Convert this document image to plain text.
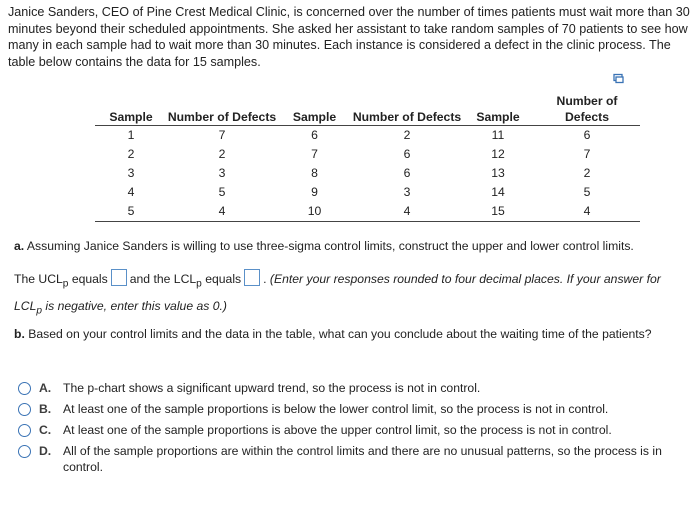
Janice Sanders, CEO of Pine Crest Medical Clinic, is concerned over the number of times patients must wait more than 30 minutes beyond their scheduled appointments. She asked her assistant to take random samples of 70 patients to see how many in each sample had to wait more than 30 minutes. Each instance is considered a defect in the clinic process. The table below contains the data for 15 samples.

Sample	Number of Defects	Sample	Number of Defects	Sample	Number of Defects
1	7	6	2	11	6
2	2	7	6	12	7
3	3	8	6	13	2
4	5	9	3	14	5
5	4	10	4	15	4

a. Assuming Janice Sanders is willing to use three-sigma control limits, construct the upper and lower control limits.

The $UCL_p$ equals and the $LCL_p$ equals . (Enter your responses rounded to four decimal places. If your answer for $LCL_p$ is negative, enter this value as 0.)

b. Based on your control limits and the data in the table, what can you conclude about the waiting time of the patients?

A. The p-chart shows a significant upward trend, so the process is not in control.
B. At least one of the sample proportions is below the lower control limit, so the process is not in control.
C. At least one of the sample proportions is above the upper control limit, so the process is not in control.
D. All of the sample proportions are within the control limits and there are no unusual patterns, so the process is in control.
